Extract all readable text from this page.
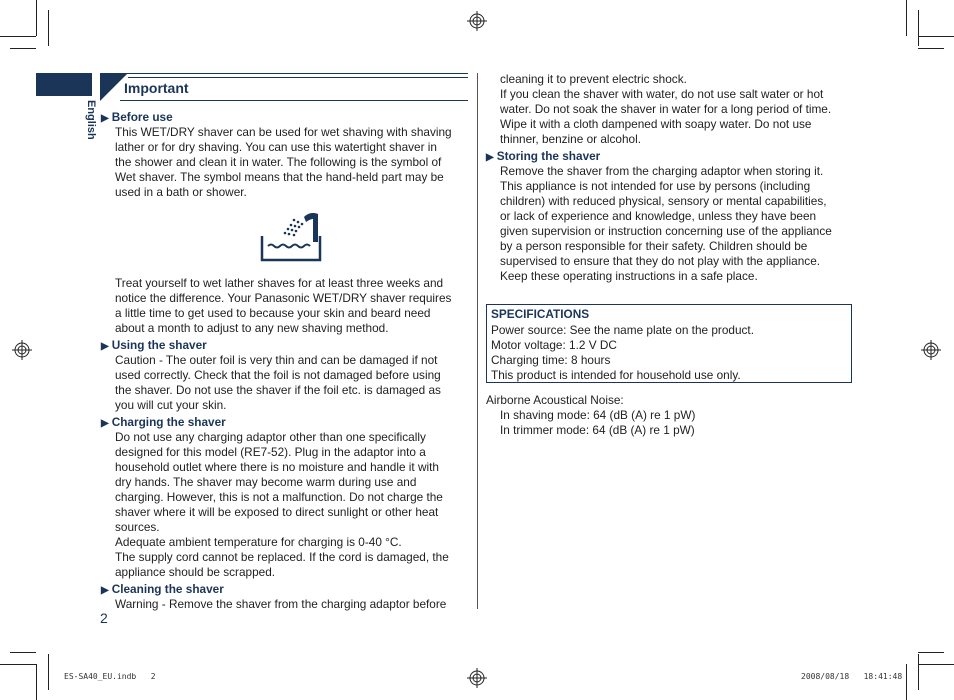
English
Important
▶ Before use
This WET/DRY shaver can be used for wet shaving with shaving
lather or for dry shaving. You can use this watertight shaver in
the shower and clean it in water. The following is the symbol of
Wet shaver. The symbol means that the hand-held part may be
used in a bath or shower.
Treat yourself to wet lather shaves for at least three weeks and
notice the difference. Your Panasonic WET/DRY shaver requires
a little time to get used to because your skin and beard need
about a month to adjust to any new shaving method.
▶ Using the shaver
Caution - The outer foil is very thin and can be damaged if not
used correctly. Check that the foil is not damaged before using
the shaver. Do not use the shaver if the foil etc. is damaged as
you will cut your skin.
▶ Charging the shaver
Do not use any charging adaptor other than one specifically
designed for this model (RE7-52). Plug in the adaptor into a
household outlet where there is no moisture and handle it with
dry hands. The shaver may become warm during use and
charging. However, this is not a malfunction. Do not charge the
shaver where it will be exposed to direct sunlight or other heat
sources.
Adequate ambient temperature for charging is 0-40 °C.
The supply cord cannot be replaced. If the cord is damaged, the
appliance should be scrapped.
▶ Cleaning the shaver
Warning - Remove the shaver from the charging adaptor before
2
cleaning it to prevent electric shock.
If you clean the shaver with water, do not use salt water or hot
water. Do not soak the shaver in water for a long period of time.
Wipe it with a cloth dampened with soapy water. Do not use
thinner, benzine or alcohol.
▶ Storing the shaver
Remove the shaver from the charging adaptor when storing it.
This appliance is not intended for use by persons (including
children) with reduced physical, sensory or mental capabilities,
or lack of experience and knowledge, unless they have been
given supervision or instruction concerning use of the appliance
by a person responsible for their safety. Children should be
supervised to ensure that they do not play with the appliance.
Keep these operating instructions in a safe place.
SPECIFICATIONS
Power source: See the name plate on the product.
Motor voltage: 1.2 V DC
Charging time: 8 hours
This product is intended for household use only.
Airborne Acoustical Noise:
In shaving mode: 64 (dB (A) re 1 pW)
In trimmer mode: 64 (dB (A) re 1 pW)
ES-SA40_EU.indb   2	2008/08/18   18:41:48
